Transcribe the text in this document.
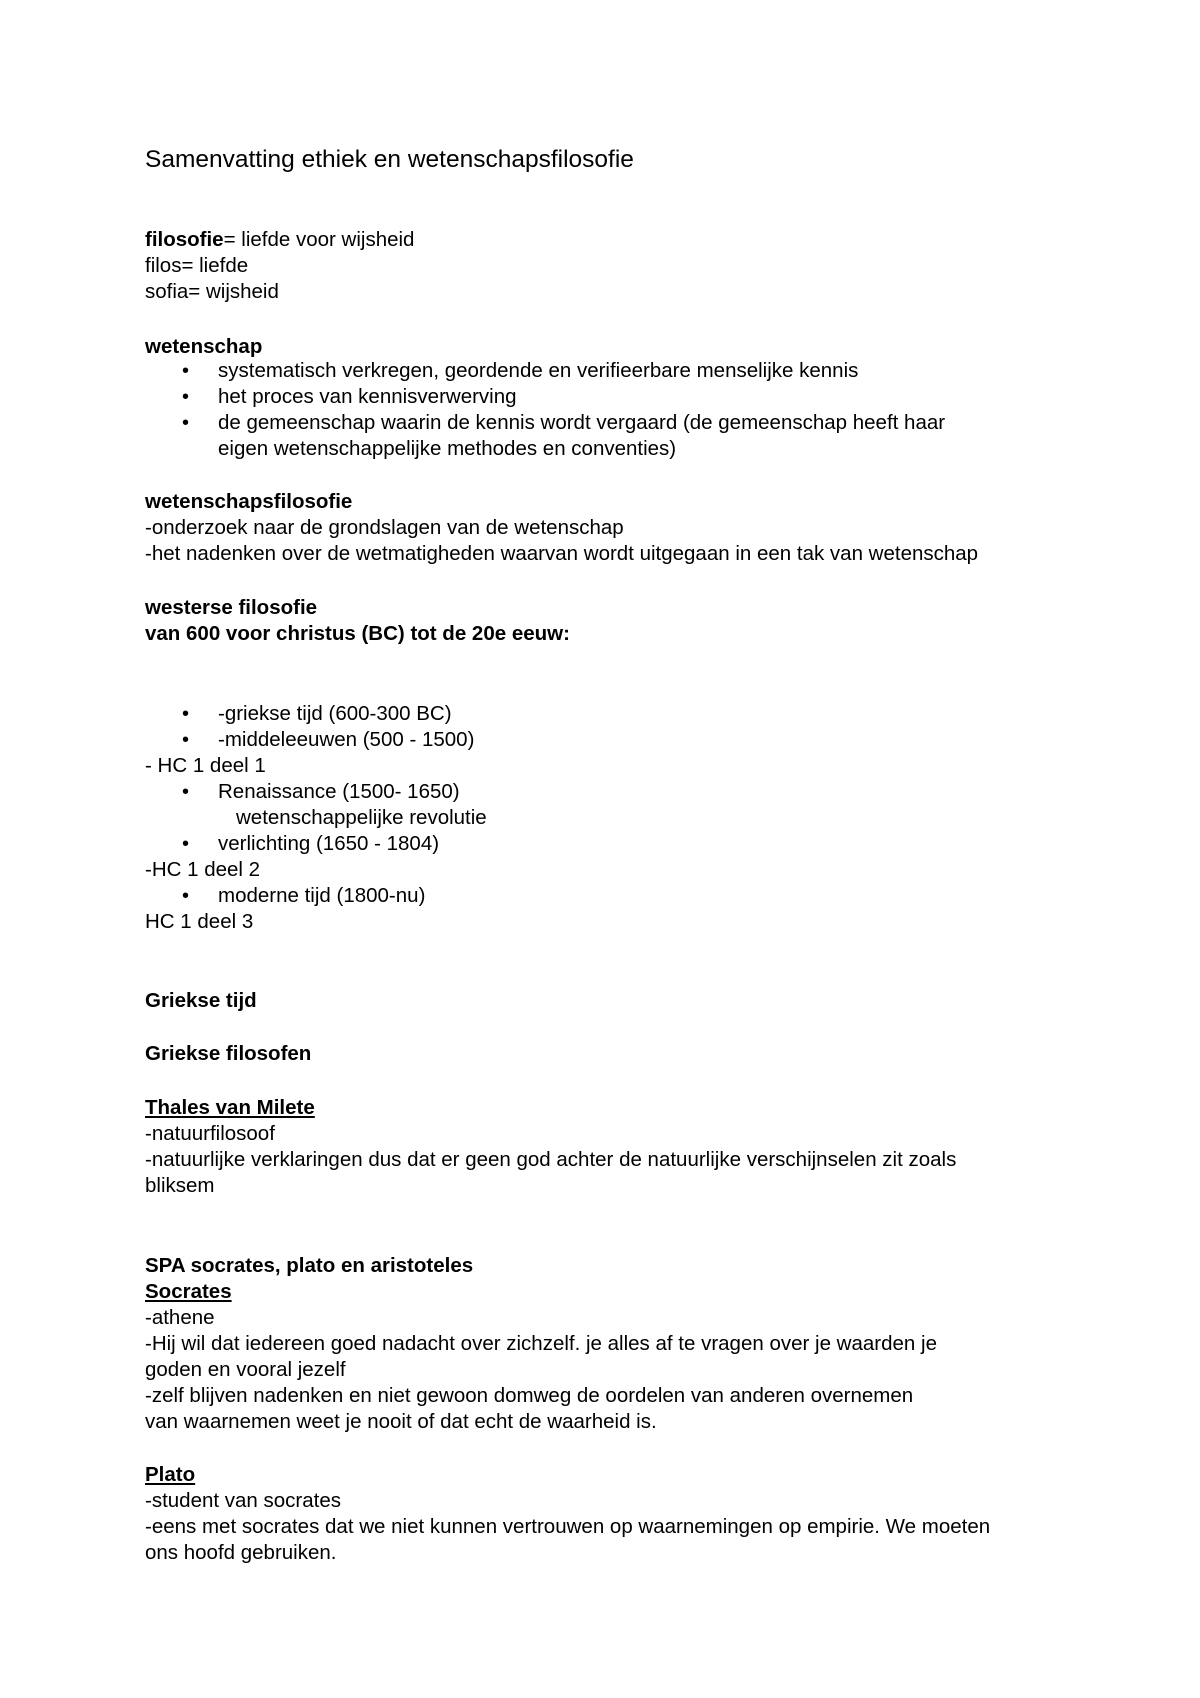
Samenvatting ethiek en wetenschapsfilosofie

filosofie= liefde voor wijsheid

filos= liefde

sofia= wijsheid

wetenschap

• systematisch verkregen, geordende en verifieerbare menselijke kennis

• het proces van kennisverwerving

• de gemeenschap waarin de kennis wordt vergaard (de gemeenschap heeft haar

eigen wetenschappelijke methodes en conventies)

wetenschapsfilosofie

-onderzoek naar de grondslagen van de wetenschap

-het nadenken over de wetmatigheden waarvan wordt uitgegaan in een tak van wetenschap

westerse filosofie

van 600 voor christus (BC) tot de 20e eeuw:

• -griekse tijd (600-300 BC)

• -middeleeuwen (500 - 1500)

- HC 1 deel 1

• Renaissance (1500- 1650)

wetenschappelijke revolutie

• verlichting (1650 - 1804)

-HC 1 deel 2

• moderne tijd (1800-nu)

HC 1 deel 3

Griekse tijd

Griekse filosofen

Thales van Milete

-natuurfilosoof

-natuurlijke verklaringen dus dat er geen god achter de natuurlijke verschijnselen zit zoals

bliksem

SPA socrates, plato en aristoteles

Socrates

-athene

-Hij wil dat iedereen goed nadacht over zichzelf. je alles af te vragen over je waarden je

goden en vooral jezelf

-zelf blijven nadenken en niet gewoon domweg de oordelen van anderen overnemen

van waarnemen weet je nooit of dat echt de waarheid is.

Plato

-student van socrates

-eens met socrates dat we niet kunnen vertrouwen op waarnemingen op empirie. We moeten

ons hoofd gebruiken.
